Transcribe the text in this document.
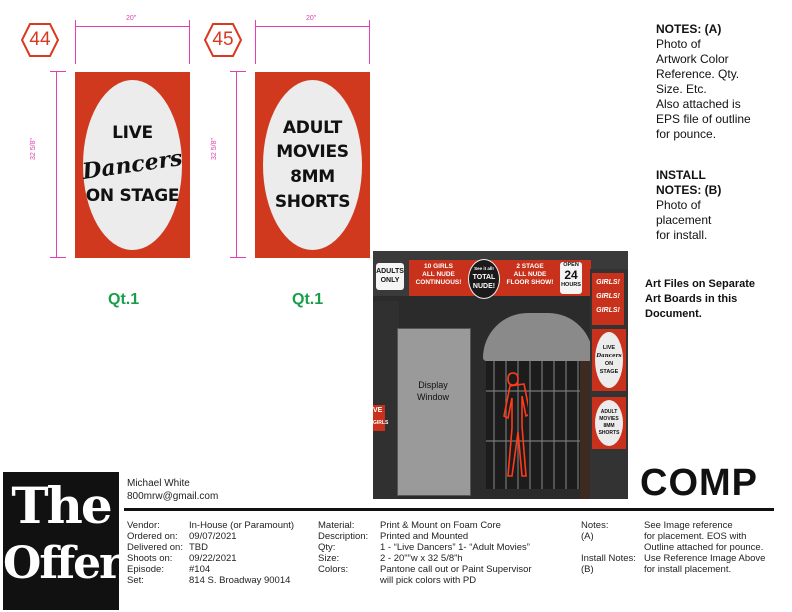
44	45
20"
32 5/8"
20"
32 5/8"
LIVE
Dancers
ON STAGE
ADULT
MOVIES
8MM
SHORTS
Qt.1	Qt.1
NOTES: (A)
Photo of
Artwork Color
Reference. Qty.
Size. Etc.
Also attached is
EPS file of outline
for pounce.
INSTALL
NOTES: (B)
Photo of
placement
for install.
Art Files on Separate Art Boards in this Document.
ADULTS
ONLY
10 GIRLS
ALL NUDE
CONTINUOUS!
See it all!
TOTAL
NUDE!
2 STAGE
ALL NUDE
FLOOR SHOW!
OPEN
24
HOURS
VE
GIRLS
Display
Window
GIRLS!
GIRLS!
GIRLS!
LIVE
Dancers
ON STAGE
ADULT
MOVIES
8MM
SHORTS
COMP
The
Offer
Michael White
800mrw@gmail.com
Vendor:	In-House (or Paramount)
Ordered on:	09/07/2021
Delivered on: TBD
Shoots on:	09/22/2021
Episode:	#104
Set:	814 S. Broadway 90014
Material:	Print & Mount on Foam Core
Description:	Printed and Mounted
Qty:	1 - “Live Dancers” 1- “Adult Movies”
Size:	2 - 20"”w x 32 5/8”h
Colors:	Pantone call out or Paint Supervisor
will pick colors with PD
Notes:	See Image reference
(A)	for placement. EOS with
Outline attached for pounce.
Install Notes: Use Reference Image Above
(B)	for install placement.
